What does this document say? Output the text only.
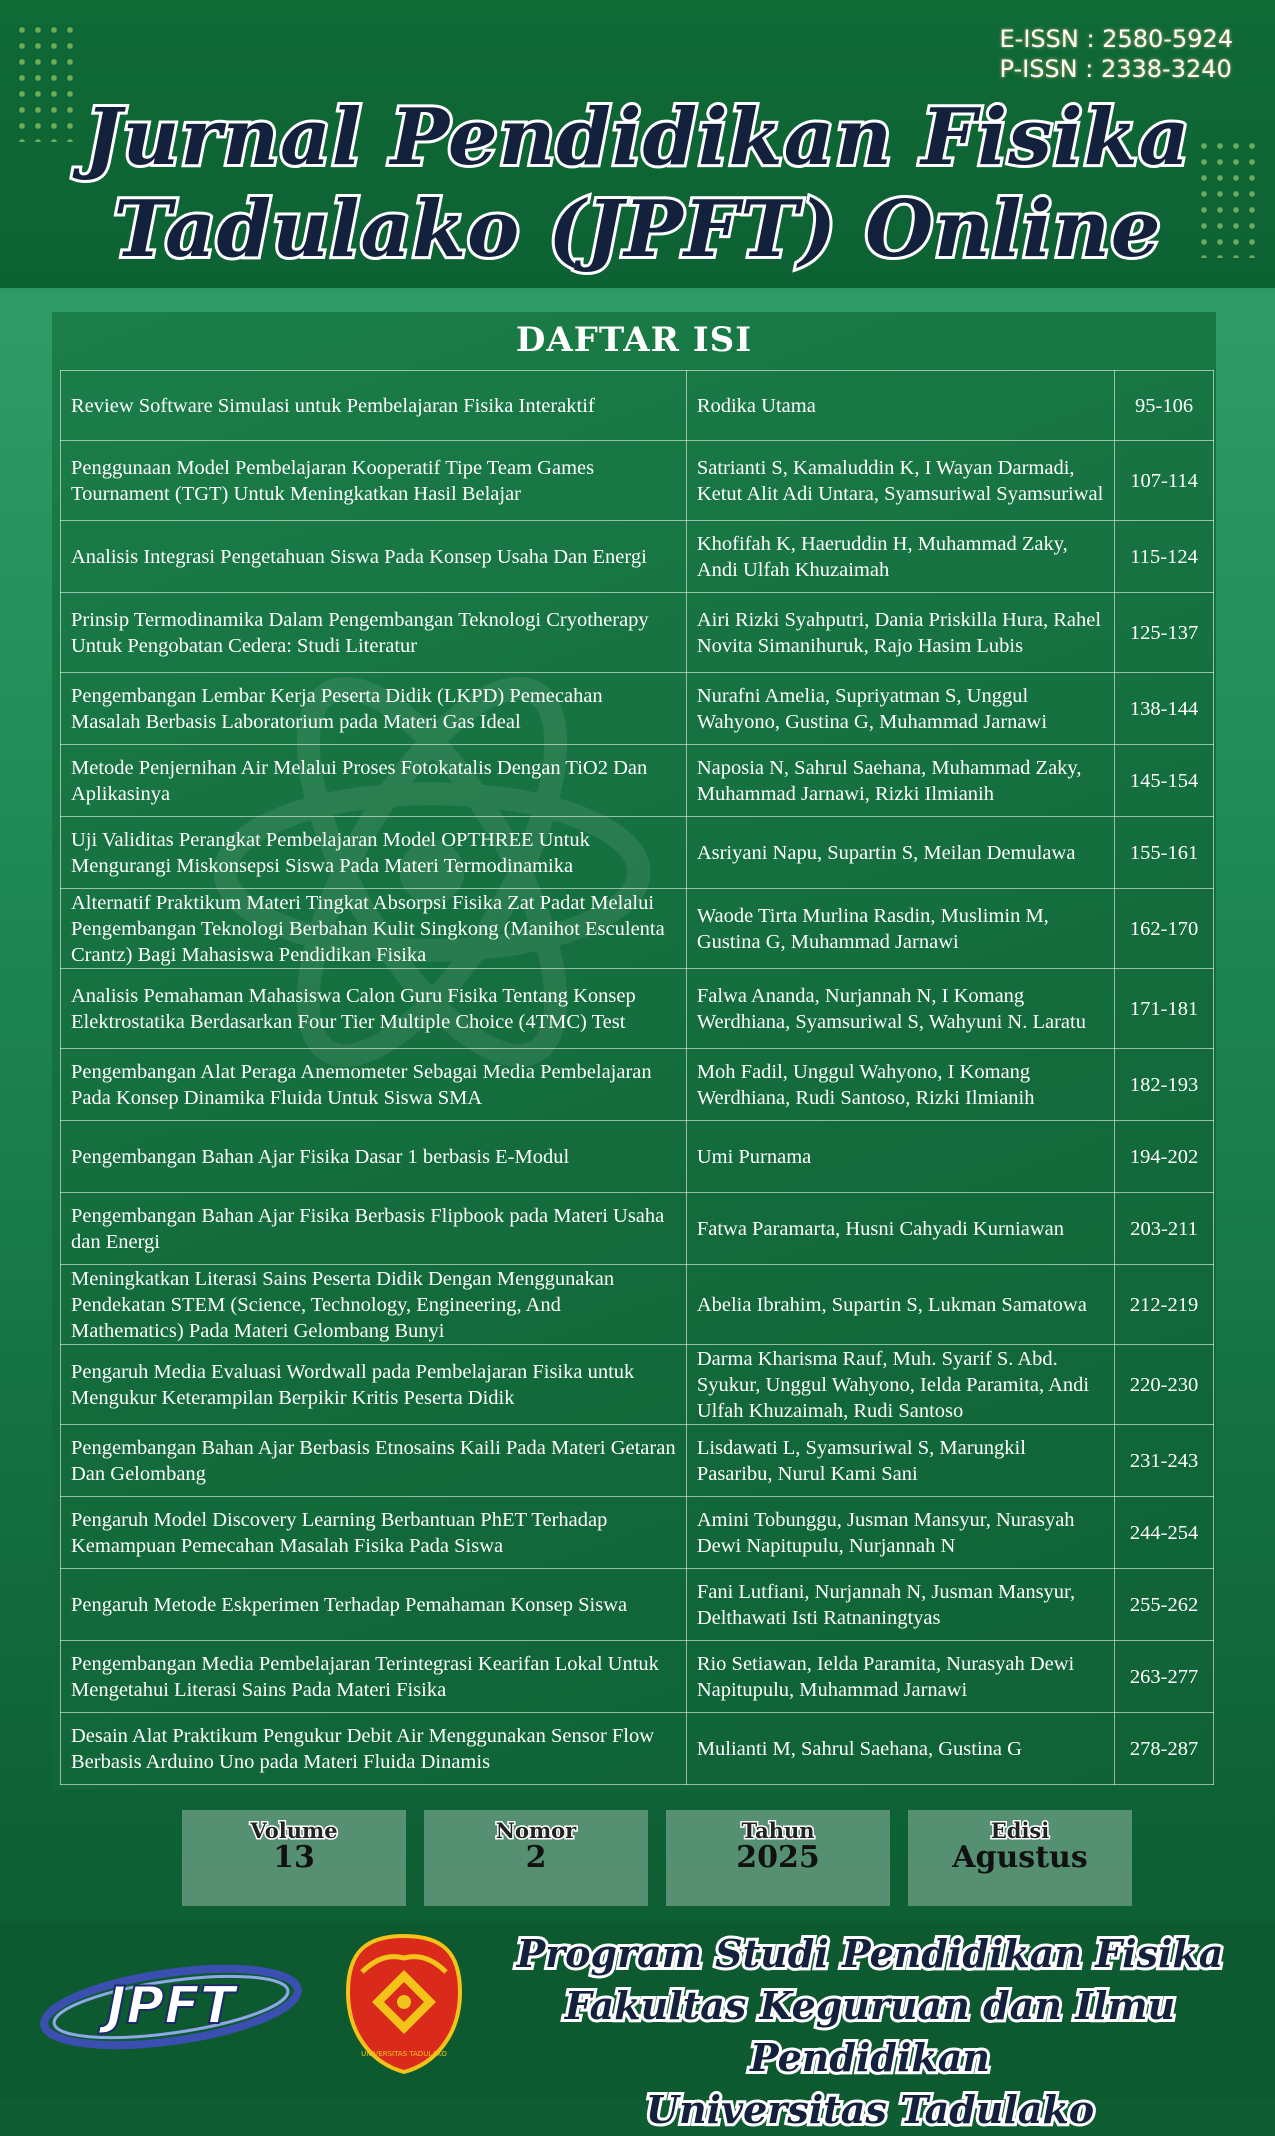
E-ISSN : 2580-5924
P-ISSN : 2338-3240
Jurnal Pendidikan Fisika
Tadulako (JPFT) Online
DAFTAR ISI
Review Software Simulasi untuk Pembelajaran Fisika Interaktif	Rodika Utama	95-106
Penggunaan Model Pembelajaran Kooperatif Tipe Team Games Tournament (TGT) Untuk Meningkatkan Hasil Belajar	Satrianti S, Kamaluddin K, I Wayan Darmadi, Ketut Alit Adi Untara, Syamsuriwal Syamsuriwal	107-114
Analisis Integrasi Pengetahuan Siswa Pada Konsep Usaha Dan Energi	Khofifah K, Haeruddin H, Muhammad Zaky, Andi Ulfah Khuzaimah	115-124
Prinsip Termodinamika Dalam Pengembangan Teknologi Cryotherapy Untuk Pengobatan Cedera: Studi Literatur	Airi Rizki Syahputri, Dania Priskilla Hura, Rahel Novita Simanihuruk, Rajo Hasim Lubis	125-137
Pengembangan Lembar Kerja Peserta Didik (LKPD) Pemecahan Masalah Berbasis Laboratorium pada Materi Gas Ideal	Nurafni Amelia, Supriyatman S, Unggul Wahyono, Gustina G, Muhammad Jarnawi	138-144
Metode Penjernihan Air Melalui Proses Fotokatalis Dengan TiO2 Dan Aplikasinya	Naposia N, Sahrul Saehana, Muhammad Zaky, Muhammad Jarnawi, Rizki Ilmianih	145-154
Uji Validitas Perangkat Pembelajaran Model OPTHREE Untuk Mengurangi Miskonsepsi Siswa Pada Materi Termodinamika	Asriyani Napu, Supartin S, Meilan Demulawa	155-161
Alternatif Praktikum Materi Tingkat Absorpsi Fisika Zat Padat Melalui Pengembangan Teknologi Berbahan Kulit Singkong (Manihot Esculenta Crantz) Bagi Mahasiswa Pendidikan Fisika	Waode Tirta Murlina Rasdin, Muslimin M, Gustina G, Muhammad Jarnawi	162-170
Analisis Pemahaman Mahasiswa Calon Guru Fisika Tentang Konsep Elektrostatika Berdasarkan Four Tier Multiple Choice (4TMC) Test	Falwa Ananda, Nurjannah N, I Komang Werdhiana, Syamsuriwal S, Wahyuni N. Laratu	171-181
Pengembangan Alat Peraga Anemometer Sebagai Media Pembelajaran Pada Konsep Dinamika Fluida Untuk Siswa SMA	Moh Fadil, Unggul Wahyono, I Komang Werdhiana, Rudi Santoso, Rizki Ilmianih	182-193
Pengembangan Bahan Ajar Fisika Dasar 1 berbasis E-Modul	Umi Purnama	194-202
Pengembangan Bahan Ajar Fisika Berbasis Flipbook pada Materi Usaha dan Energi	Fatwa Paramarta, Husni Cahyadi Kurniawan	203-211
Meningkatkan Literasi Sains Peserta Didik Dengan Menggunakan Pendekatan STEM (Science, Technology, Engineering, And Mathematics) Pada Materi Gelombang Bunyi	Abelia Ibrahim, Supartin S, Lukman Samatowa	212-219
Pengaruh Media Evaluasi Wordwall pada Pembelajaran Fisika untuk Mengukur Keterampilan Berpikir Kritis Peserta Didik	Darma Kharisma Rauf, Muh. Syarif S. Abd. Syukur, Unggul Wahyono, Ielda Paramita, Andi Ulfah Khuzaimah, Rudi Santoso	220-230
Pengembangan Bahan Ajar Berbasis Etnosains Kaili Pada Materi Getaran Dan Gelombang	Lisdawati L, Syamsuriwal S, Marungkil Pasaribu, Nurul Kami Sani	231-243
Pengaruh Model Discovery Learning Berbantuan PhET Terhadap Kemampuan Pemecahan Masalah Fisika Pada Siswa	Amini Tobunggu, Jusman Mansyur, Nurasyah Dewi Napitupulu, Nurjannah N	244-254
Pengaruh Metode Eskperimen Terhadap Pemahaman Konsep Siswa	Fani Lutfiani, Nurjannah N, Jusman Mansyur, Delthawati Isti Ratnaningtyas	255-262
Pengembangan Media Pembelajaran Terintegrasi Kearifan Lokal Untuk Mengetahui Literasi Sains Pada Materi Fisika	Rio Setiawan, Ielda Paramita, Nurasyah Dewi Napitupulu, Muhammad Jarnawi	263-277
Desain Alat Praktikum Pengukur Debit Air Menggunakan Sensor Flow Berbasis Arduino Uno pada Materi Fluida Dinamis	Mulianti M, Sahrul Saehana, Gustina G	278-287
Volume
13
Nomor
2
Tahun
2025
Edisi
Agustus
JPFT
UNIVERSITAS TADULAKO
Program Studi Pendidikan Fisika
Fakultas Keguruan dan Ilmu Pendidikan
Universitas Tadulako
